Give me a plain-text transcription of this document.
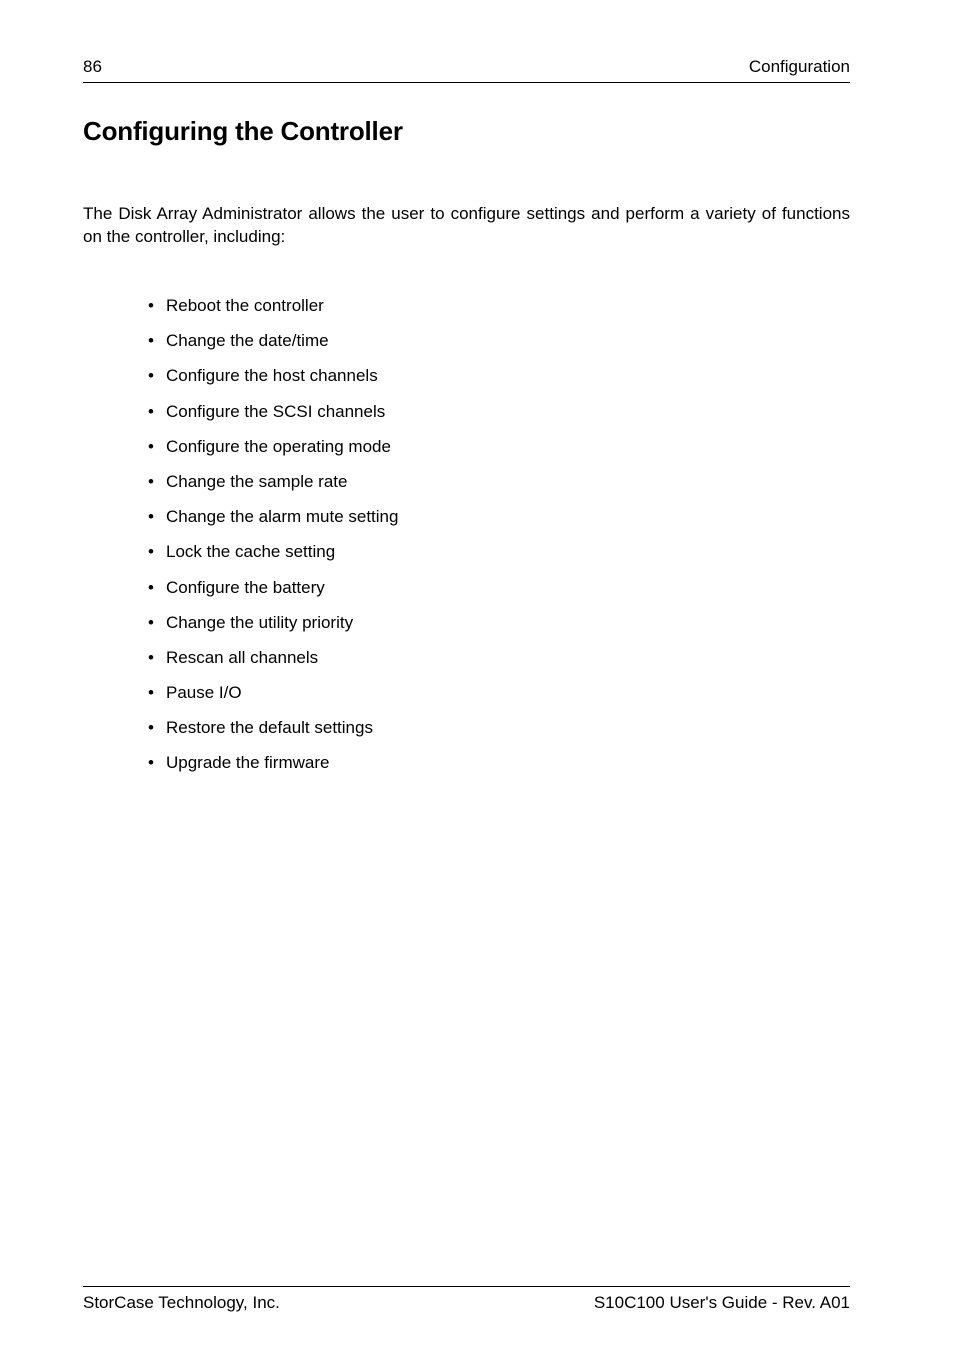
86	Configuration
Configuring the Controller

The Disk Array Administrator allows the user to configure settings and perform a variety of functions on the controller, including:

• Reboot the controller
• Change the date/time
• Configure the host channels
• Configure the SCSI channels
• Configure the operating mode
• Change the sample rate
• Change the alarm mute setting
• Lock the cache setting
• Configure the battery
• Change the utility priority
• Rescan all channels
• Pause I/O
• Restore the default settings
• Upgrade the firmware
StorCase Technology, Inc.	S10C100 User's Guide - Rev. A01
